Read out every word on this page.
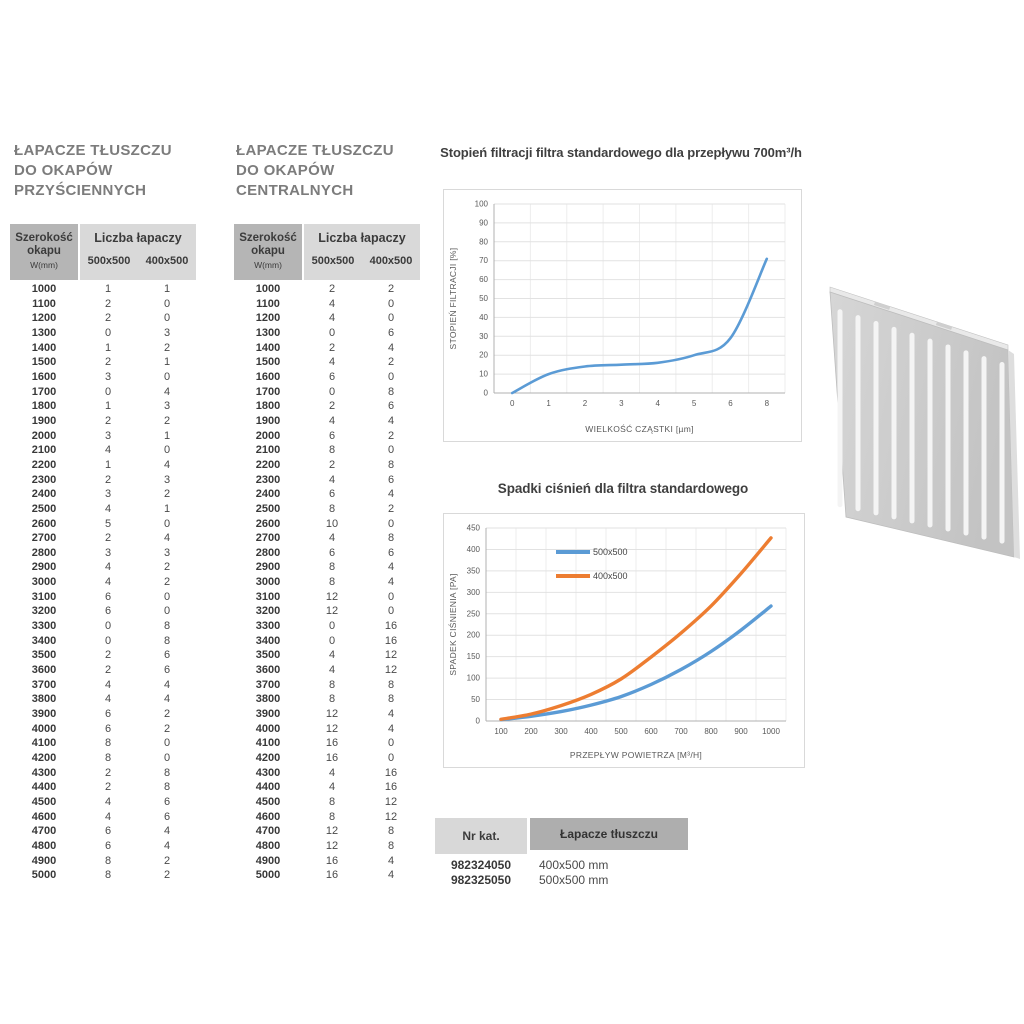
ŁAPACZE TŁUSZCZU
DO OKAPÓW
PRZYŚCIENNYCH
Szerokość
okapu
W(mm)
Liczba łapaczy
500x500	400x500
1000	1	1
1100	2	0
1200	2	0
1300	0	3
1400	1	2
1500	2	1
1600	3	0
1700	0	4
1800	1	3
1900	2	2
2000	3	1
2100	4	0
2200	1	4
2300	2	3
2400	3	2
2500	4	1
2600	5	0
2700	2	4
2800	3	3
2900	4	2
3000	4	2
3100	6	0
3200	6	0
3300	0	8
3400	0	8
3500	2	6
3600	2	6
3700	4	4
3800	4	4
3900	6	2
4000	6	2
4100	8	0
4200	8	0
4300	2	8
4400	2	8
4500	4	6
4600	4	6
4700	6	4
4800	6	4
4900	8	2
5000	8	2
ŁAPACZE TŁUSZCZU
DO OKAPÓW
CENTRALNYCH
Szerokość
okapu
W(mm)
Liczba łapaczy
500x500	400x500
1000	2	2
1100	4	0
1200	4	0
1300	0	6
1400	2	4
1500	4	2
1600	6	0
1700	0	8
1800	2	6
1900	4	4
2000	6	2
2100	8	0
2200	2	8
2300	4	6
2400	6	4
2500	8	2
2600	10	0
2700	4	8
2800	6	6
2900	8	4
3000	8	4
3100	12	0
3200	12	0
3300	0	16
3400	0	16
3500	4	12
3600	4	12
3700	8	8
3800	8	8
3900	12	4
4000	12	4
4100	16	0
4200	16	0
4300	4	16
4400	4	16
4500	8	12
4600	8	12
4700	12	8
4800	12	8
4900	16	4
5000	16	4
Stopień filtracji filtra standardowego dla przepływu 700m³/h
0
10
20
30
40
50
60
70
80
90
100
0	1	2	3	4	5	6	8
WIELKOŚĆ CZĄSTKI [µm]
STOPIEŃ FILTRACJI [%]
Spadki ciśnień dla filtra standardowego
0
50
100
150
200
250
300
350
400
450
100 200 300 400 500 600 700 800 900 1000
PRZEPŁYW POWIETRZA [M³/H]
SPADEK CIŚNIENIA [PA]
500x500
400x500
Nr kat.	Łapacze tłuszczu
982324050	400x500 mm
982325050	500x500 mm
